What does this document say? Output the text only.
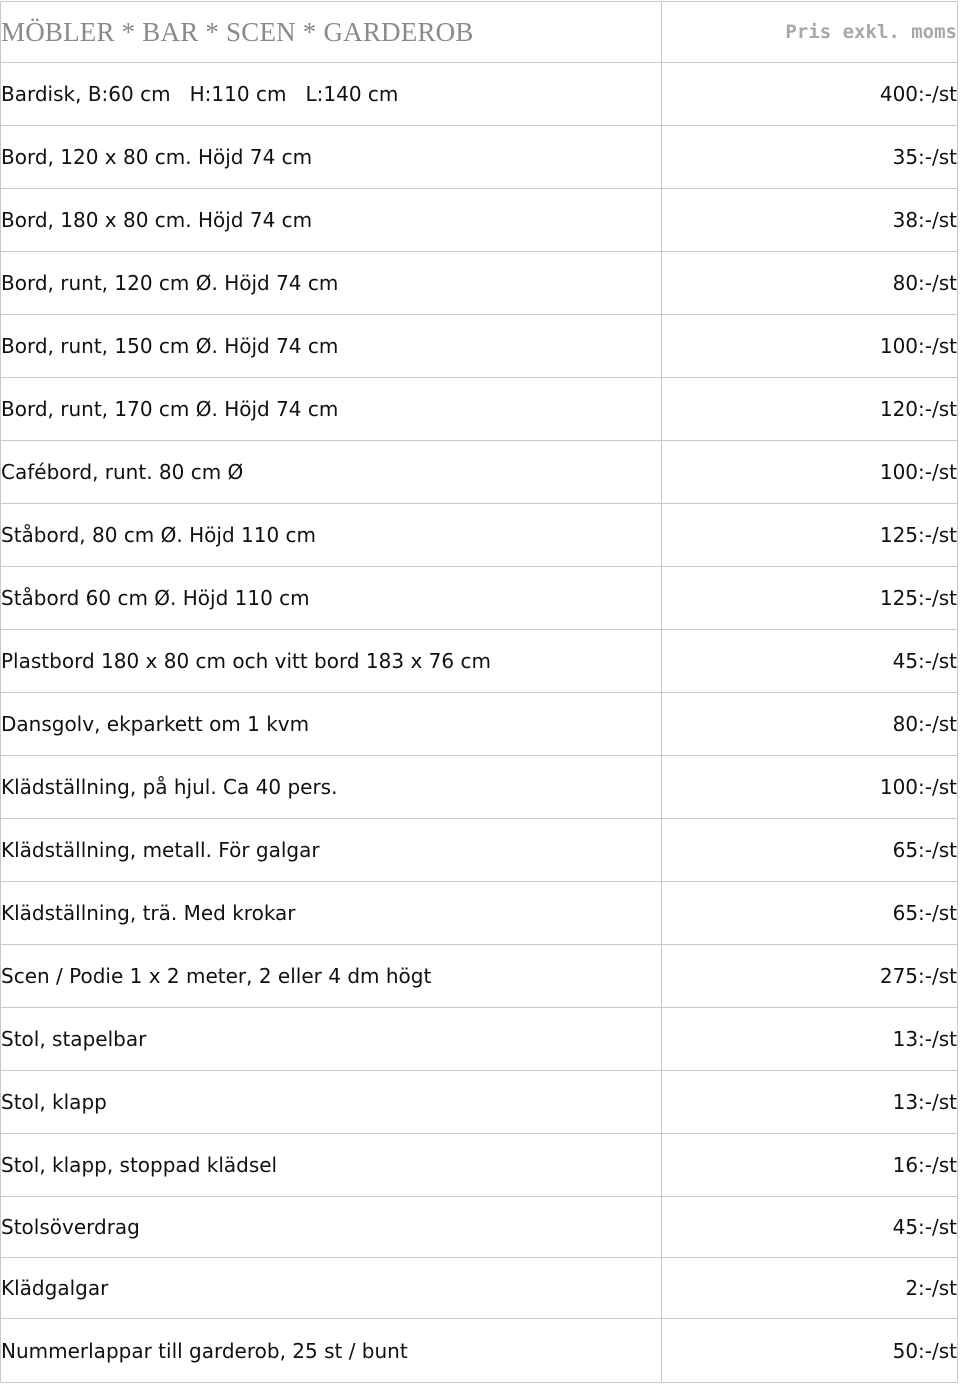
MÖBLER * BAR * SCEN * GARDEROB	Pris exkl. moms
Bardisk, B:60 cm   H:110 cm   L:140 cm	400:-/st
Bord, 120 x 80 cm. Höjd 74 cm	35:-/st
Bord, 180 x 80 cm. Höjd 74 cm	38:-/st
Bord, runt, 120 cm Ø. Höjd 74 cm	80:-/st
Bord, runt, 150 cm Ø. Höjd 74 cm	100:-/st
Bord, runt, 170 cm Ø. Höjd 74 cm	120:-/st
Cafébord, runt. 80 cm Ø	100:-/st
Ståbord, 80 cm Ø. Höjd 110 cm	125:-/st
Ståbord 60 cm Ø. Höjd 110 cm	125:-/st
Plastbord 180 x 80 cm och vitt bord 183 x 76 cm	45:-/st
Dansgolv, ekparkett om 1 kvm	80:-/st
Klädställning, på hjul. Ca 40 pers.	100:-/st
Klädställning, metall. För galgar	65:-/st
Klädställning, trä. Med krokar	65:-/st
Scen / Podie 1 x 2 meter, 2 eller 4 dm högt	275:-/st
Stol, stapelbar	13:-/st
Stol, klapp	13:-/st
Stol, klapp, stoppad klädsel	16:-/st
Stolsöverdrag	45:-/st
Klädgalgar	2:-/st
Nummerlappar till garderob, 25 st / bunt	50:-/st
